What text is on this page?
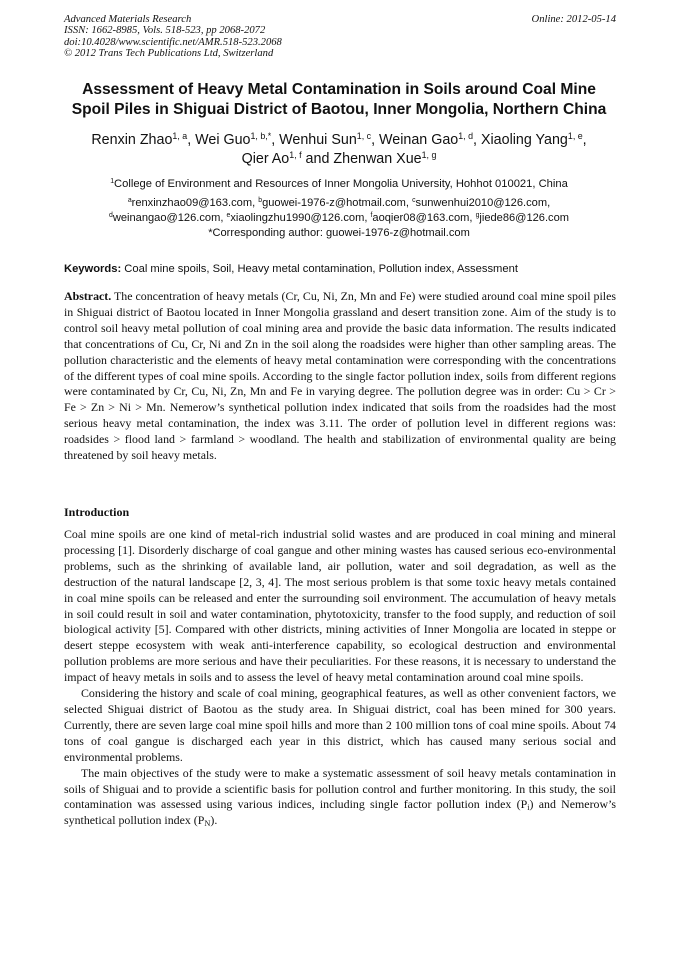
Advanced Materials Research
ISSN: 1662-8985, Vols. 518-523, pp 2068-2072
doi:10.4028/www.scientific.net/AMR.518-523.2068
© 2012 Trans Tech Publications Ltd, Switzerland
Online: 2012-05-14
Assessment of Heavy Metal Contamination in Soils around Coal Mine
Spoil Piles in Shiguai District of Baotou, Inner Mongolia, Northern China
Renxin Zhao$^{1, a}$, Wei Guo$^{1, b,*}$, Wenhui Sun$^{1, c}$, Weinan Gao$^{1, d}$, Xiaoling Yang$^{1, e}$,
Qier Ao$^{1, f}$ and Zhenwan Xue$^{1, g}$
$^1$College of Environment and Resources of Inner Mongolia University, Hohhot 010021, China
$^a$renxinzhao09@163.com, $^b$guowei-1976-z@hotmail.com, $^c$sunwenhui2010@126.com,
$^d$weinangao@126.com, $^e$xiaolingzhu1990@126.com, $^f$aoqier08@163.com, $^g$jiede86@126.com
*Corresponding author: guowei-1976-z@hotmail.com
Keywords: Coal mine spoils, Soil, Heavy metal contamination, Pollution index, Assessment
Abstract. The concentration of heavy metals (Cr, Cu, Ni, Zn, Mn and Fe) were studied around coal mine spoil piles in Shiguai district of Baotou located in Inner Mongolia grassland and desert transition zone. Aim of the study is to control soil heavy metal pollution of coal mining area and provide the basic data information. The results indicated that concentrations of Cu, Cr, Ni and Zn in the soil along the roadsides were higher than other sampling areas. The pollution characteristic and the elements of heavy metal contamination were corresponding with the concentrations of the different types of coal mine spoils. According to the single factor pollution index, soils from different regions were contaminated by Cr, Cu, Ni, Zn, Mn and Fe in varying degree. The pollution degree was in order: Cu > Cr > Fe > Zn > Ni > Mn. Nemerow’s synthetical pollution index indicated that soils from the roadsides had the most serious heavy metal contamination, the index was 3.11. The order of pollution level in different regions was: roadsides > flood land > farmland > woodland. The health and stabilization of environmental quality are being threatened by soil heavy metals.
Introduction

Coal mine spoils are one kind of metal-rich industrial solid wastes and are produced in coal mining and mineral processing [1]. Disorderly discharge of coal gangue and other mining wastes has caused serious eco-environmental problems, such as the shrinking of available land, air pollution, water and soil degradation, as well as the destruction of the natural landscape [2, 3, 4]. The most serious problem is that some toxic heavy metals contained in coal mine spoils can be released and enter the surrounding soil environment. The accumulation of heavy metals in soil could result in soil and water contamination, phytotoxicity, transfer to the food supply, and reduction of soil biological activity [5]. Compared with other districts, mining activities of Inner Mongolia are located in steppe or desert steppe ecosystem with weak anti-interference capability, so ecological destruction and environmental pollution problems are more serious and have their peculiarities. For these reasons, it is necessary to understand the impact of heavy metals in soils and to assess the level of heavy metal contamination around coal mine spoils.

Considering the history and scale of coal mining, geographical features, as well as other convenient factors, we selected Shiguai district of Baotou as the study area. In Shiguai district, coal has been mined for 300 years. Currently, there are seven large coal mine spoil hills and more than 2 100 million tons of coal mine spoils. About 74 tons of coal gangue is discharged each year in this district, which has caused many serious social and environmental problems.

The main objectives of the study were to make a systematic assessment of soil heavy metals contamination in soils of Shiguai and to provide a scientific basis for pollution control and further monitoring. In this study, the soil contamination was assessed using various indices, including single factor pollution index $(P_i)$ and Nemerow’s synthetical pollution index $(P_N)$.
